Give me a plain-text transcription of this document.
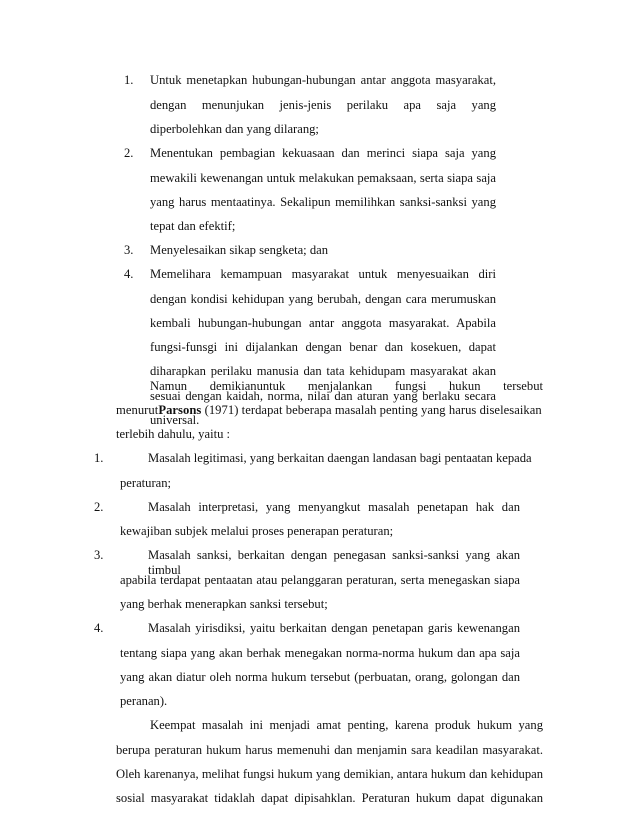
1. Untuk menetapkan hubungan-hubungan antar anggota masyarakat,
dengan menunjukan jenis-jenis perilaku apa saja yang
diperbolehkan dan yang dilarang;
2. Menentukan pembagian kekuasaan dan merinci siapa saja yang
mewakili kewenangan untuk melakukan pemaksaan, serta siapa saja
yang harus mentaatinya. Sekalipun memilihkan sanksi-sanksi yang
tepat dan efektif;
3. Menyelesaikan sikap sengketa; dan
4. Memelihara kemampuan masyarakat untuk menyesuaikan diri
dengan kondisi kehidupan yang berubah, dengan cara merumuskan
kembali hubungan-hubungan antar anggota masyarakat. Apabila
fungsi-funsgi ini dijalankan dengan benar dan kosekuen, dapat
diharapkan perilaku manusia dan tata kehidupam masyarakat akan
sesuai dengan kaidah, norma, nilai dan aturan yang berlaku secara
universal.
Namun demikianuntuk menjalankan fungsi hukun tersebut
menurutParsons (1971) terdapat beberapa masalah penting yang harus diselesaikan
terlebih dahulu, yaitu :
1.	Masalah legitimasi, yang berkaitan daengan landasan bagi pentaatan kepada
peraturan;
2.	Masalah interpretasi, yang menyangkut masalah penetapan hak dan
kewajiban subjek melalui proses penerapan peraturan;
3.	Masalah sanksi, berkaitan dengan penegasan sanksi-sanksi yang akan timbul
apabila terdapat pentaatan atau pelanggaran peraturan, serta menegaskan siapa
yang berhak menerapkan sanksi tersebut;
4.	Masalah yirisdiksi, yaitu berkaitan dengan penetapan garis kewenangan
tentang siapa yang akan berhak menegakan norma-norma hukum dan apa saja
yang akan diatur oleh norma hukum tersebut (perbuatan, orang, golongan dan
peranan).
Keempat masalah ini menjadi amat penting, karena produk hukum yang
berupa peraturan hukum harus memenuhi dan menjamin sara keadilan masyarakat.
Oleh karenanya, melihat fungsi hukum yang demikian, antara hukum dan kehidupan
sosial masyarakat tidaklah dapat dipisahklan. Peraturan hukum dapat digunakan
